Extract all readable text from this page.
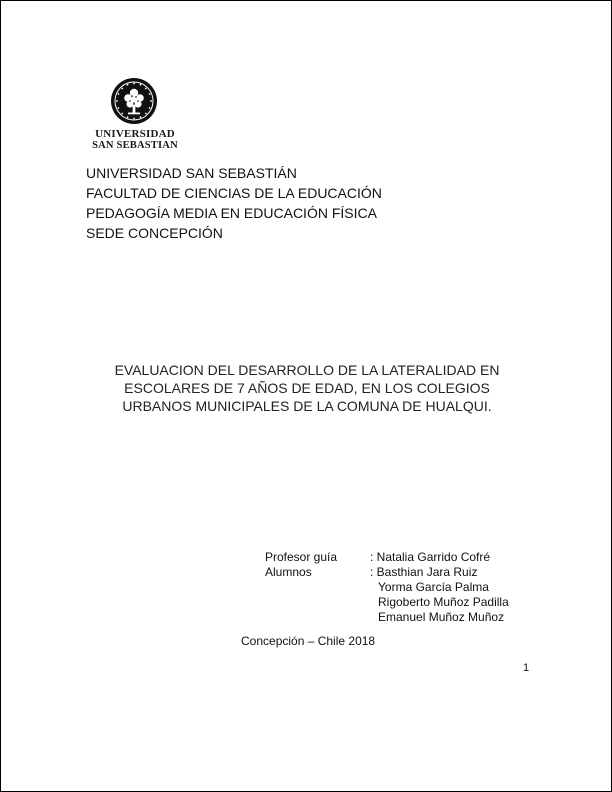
UNIVERSIDAD
SAN SEBASTIAN
UNIVERSIDAD SAN SEBASTIÁN
FACULTAD DE CIENCIAS DE LA EDUCACIÓN
PEDAGOGÍA MEDIA EN EDUCACIÓN FÍSICA
SEDE CONCEPCIÓN
EVALUACION DEL DESARROLLO DE LA LATERALIDAD EN
ESCOLARES DE 7 AÑOS DE EDAD, EN LOS COLEGIOS
URBANOS MUNICIPALES DE LA COMUNA DE HUALQUI.
Profesor guía	: Natalia Garrido Cofré
Alumnos	: Basthian Jara Ruiz
Yorma García Palma
Rigoberto Muñoz Padilla
Emanuel Muñoz Muñoz
Concepción – Chile 2018
1
